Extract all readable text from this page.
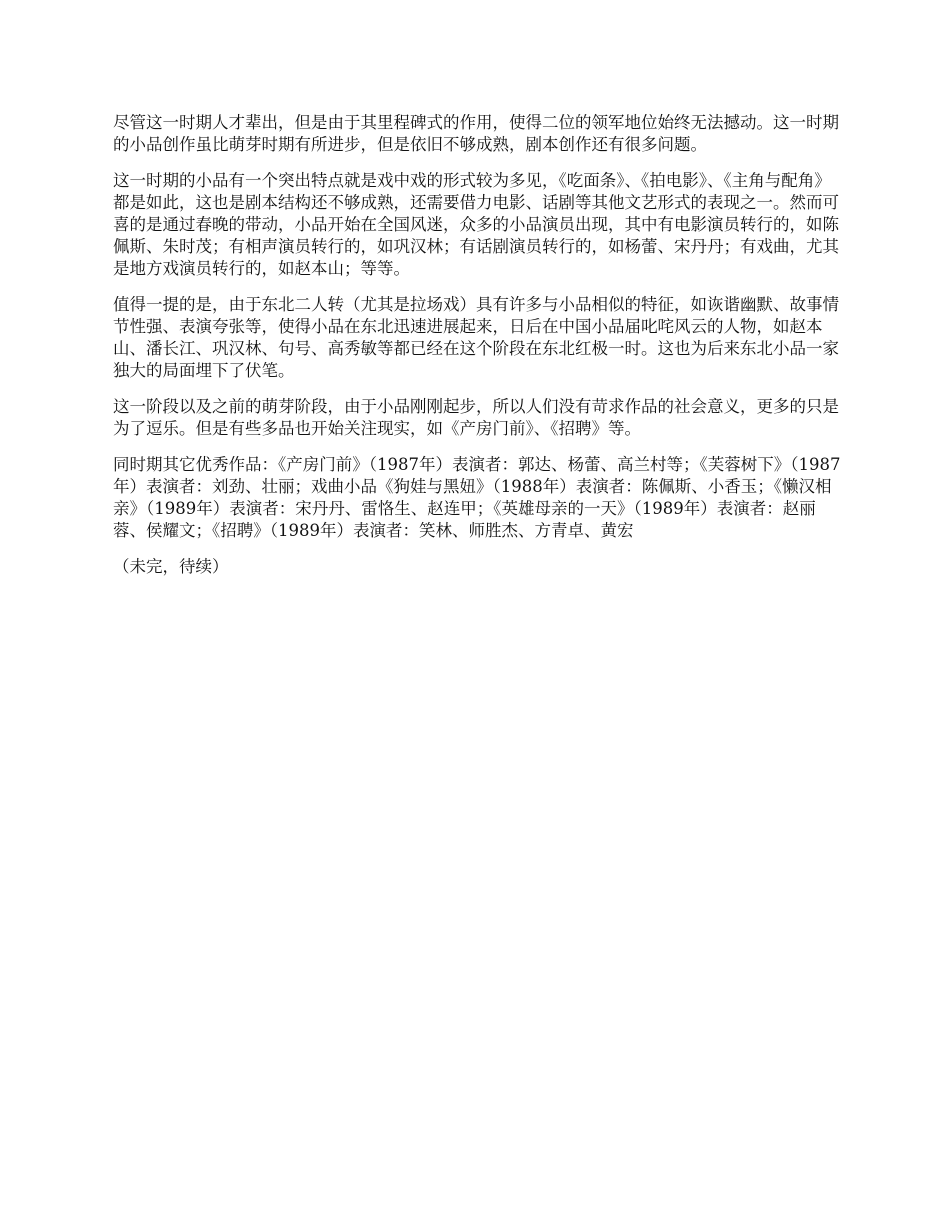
尽管这一时期人才辈出，但是由于其里程碑式的作用，使得二位的领军地位始终无法撼动。这一时期的小品创作虽比萌芽时期有所进步，但是依旧不够成熟，剧本创作还有很多问题。

这一时期的小品有一个突出特点就是戏中戏的形式较为多见，《吃面条》、《拍电影》、《主角与配角》都是如此，这也是剧本结构还不够成熟，还需要借力电影、话剧等其他文艺形式的表现之一。然而可喜的是通过春晚的带动，小品开始在全国风迷，众多的小品演员出现，其中有电影演员转行的，如陈佩斯、朱时茂；有相声演员转行的，如巩汉林；有话剧演员转行的，如杨蕾、宋丹丹；有戏曲，尤其是地方戏演员转行的，如赵本山；等等。

值得一提的是，由于东北二人转（尤其是拉场戏）具有许多与小品相似的特征，如诙谐幽默、故事情节性强、表演夸张等，使得小品在东北迅速进展起来，日后在中国小品届叱咤风云的人物，如赵本山、潘长江、巩汉林、句号、高秀敏等都已经在这个阶段在东北红极一时。这也为后来东北小品一家独大的局面埋下了伏笔。

这一阶段以及之前的萌芽阶段，由于小品刚刚起步，所以人们没有苛求作品的社会意义，更多的只是为了逗乐。但是有些多品也开始关注现实，如《产房门前》、《招聘》等。

同时期其它优秀作品：《产房门前》（1987年）表演者：郭达、杨蕾、高兰村等；《芙蓉树下》（1987年）表演者：刘劲、壮丽；戏曲小品《狗娃与黑妞》（1988年）表演者：陈佩斯、小香玉；《懒汉相亲》（1989年）表演者：宋丹丹、雷恪生、赵连甲；《英雄母亲的一天》（1989年）表演者：赵丽蓉、侯耀文；《招聘》（1989年）表演者：笑林、师胜杰、方青卓、黄宏

（未完，待续）
